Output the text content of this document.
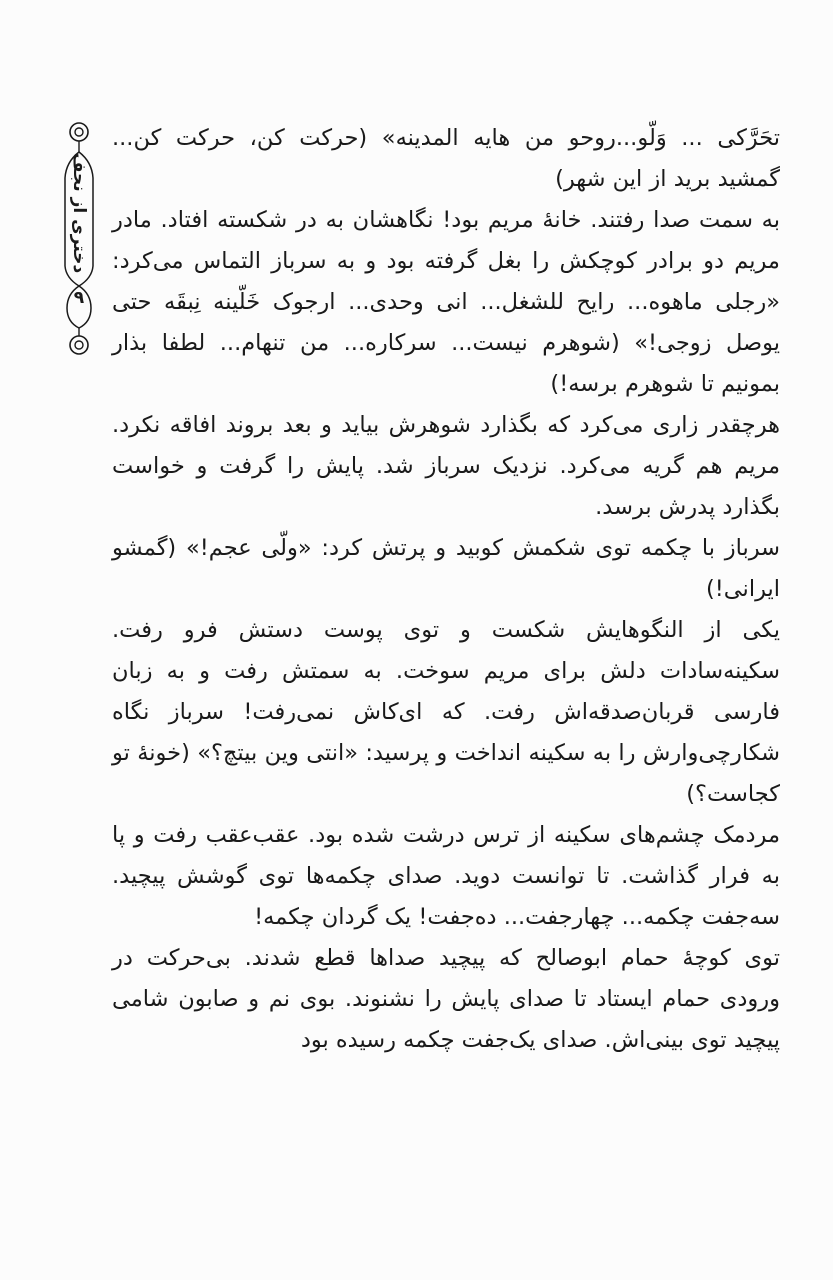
دختری از نجف
۹

تحَرَّکی ... وَلّو...روحو من هایه المدینه» (حرکت کن، حرکت کن... گمشید برید از این شهر)

به سمت صدا رفتند. خانهٔ مریم بود! نگاهشان به در شکسته افتاد. مادر مریم دو برادر کوچکش را بغل گرفته بود و به سرباز التماس می‌کرد: «رجلی ماهوه... رایح للشغل... انی وحدی... ارجوک خَلّینه نِبقَه حتی یوصل زوجی!» (شوهرم نیست... سرکاره... من تنهام... لطفا بذار بمونیم تا شوهرم برسه!)

هرچقدر زاری می‌کرد که بگذارد شوهرش بیاید و بعد بروند افاقه نکرد. مریم هم گریه می‌کرد. نزدیک سرباز شد. پایش را گرفت و خواست بگذارد پدرش برسد.

سرباز با چکمه توی شکمش کوبید و پرتش کرد: «ولّی عجم!» (گمشو ایرانی!)

یکی از النگوهایش شکست و توی پوست دستش فرو رفت. سکینه‌سادات دلش برای مریم سوخت. به سمتش رفت و به زبان فارسی قربان‌صدقه‌اش رفت. که ای‌کاش نمی‌رفت! سرباز نگاه شکارچی‌وارش را به سکینه انداخت و پرسید: «انتی وین بیتچ؟» (خونهٔ تو کجاست؟)

مردمک چشم‌های سکینه از ترس درشت شده بود. عقب‌عقب رفت و پا به فرار گذاشت. تا توانست دوید. صدای چکمه‌ها توی گوشش پیچید. سه‌جفت چکمه... چهارجفت... ده‌جفت! یک گردان چکمه!

توی کوچهٔ حمام ابوصالح که پیچید صداها قطع شدند. بی‌حرکت در ورودی حمام ایستاد تا صدای پایش را نشنوند. بوی نم و صابون شامی پیچید توی بینی‌اش. صدای یک‌جفت چکمه رسیده بود
